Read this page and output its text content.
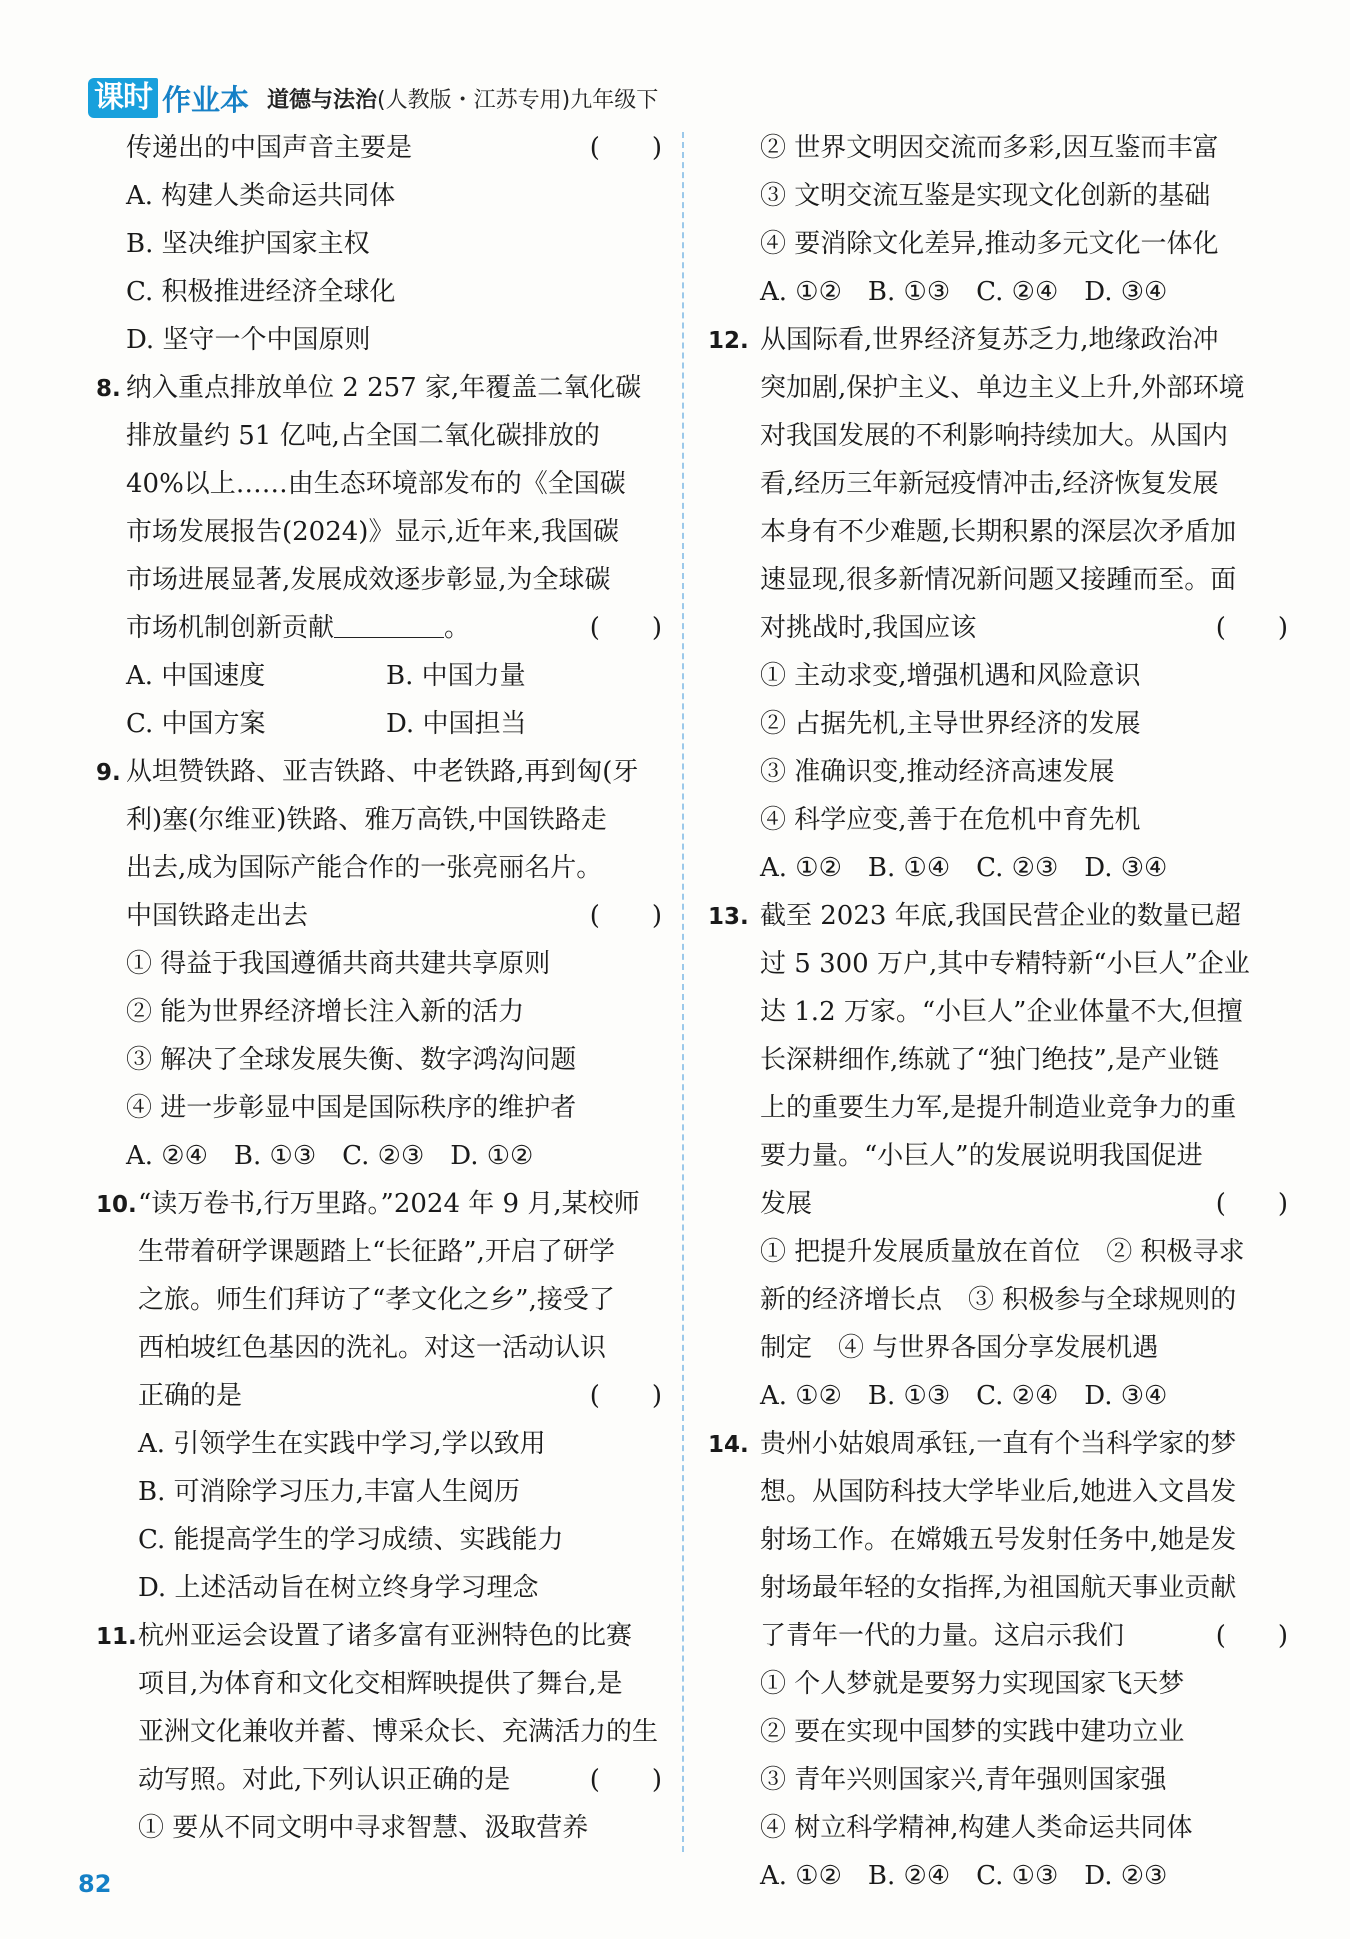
课时 作业本 道德与法治(人教版・江苏专用)九年级下
传递出的中国声音主要是	(　　)
A. 构建人类命运共同体
B. 坚决维护国家主权
C. 积极推进经济全球化
D. 坚守一个中国原则
8. 纳入重点排放单位 2 257 家,年覆盖二氧化碳
排放量约 51 亿吨,占全国二氧化碳排放的
40%以上……由生态环境部发布的《全国碳
市场发展报告(2024)》显示,近年来,我国碳
市场进展显著,发展成效逐步彰显,为全球碳
市场机制创新贡献	。	(　　)
A. 中国速度	B. 中国力量
C. 中国方案	D. 中国担当
9. 从坦赞铁路、亚吉铁路、中老铁路,再到匈(牙
利)塞(尔维亚)铁路、雅万高铁,中国铁路走
出去,成为国际产能合作的一张亮丽名片。
中国铁路走出去	(　　)
① 得益于我国遵循共商共建共享原则
② 能为世界经济增长注入新的活力
③ 解决了全球发展失衡、数字鸿沟问题
④ 进一步彰显中国是国际秩序的维护者
A. ②④　B. ①③　C. ②③　D. ①②
10.“读万卷书,行万里路。”2024 年 9 月,某校师
生带着研学课题踏上“长征路”,开启了研学
之旅。师生们拜访了“孝文化之乡”,接受了
西柏坡红色基因的洗礼。对这一活动认识
正确的是	(　　)
A. 引领学生在实践中学习,学以致用
B. 可消除学习压力,丰富人生阅历
C. 能提高学生的学习成绩、实践能力
D. 上述活动旨在树立终身学习理念
11.杭州亚运会设置了诸多富有亚洲特色的比赛
项目,为体育和文化交相辉映提供了舞台,是
亚洲文化兼收并蓄、博采众长、充满活力的生
动写照。对此,下列认识正确的是	(　　)
① 要从不同文明中寻求智慧、汲取营养
② 世界文明因交流而多彩,因互鉴而丰富
③ 文明交流互鉴是实现文化创新的基础
④ 要消除文化差异,推动多元文化一体化
A. ①②　B. ①③　C. ②④　D. ③④
12. 从国际看,世界经济复苏乏力,地缘政治冲
突加剧,保护主义、单边主义上升,外部环境
对我国发展的不利影响持续加大。从国内
看,经历三年新冠疫情冲击,经济恢复发展
本身有不少难题,长期积累的深层次矛盾加
速显现,很多新情况新问题又接踵而至。面
对挑战时,我国应该	(　　)
① 主动求变,增强机遇和风险意识
② 占据先机,主导世界经济的发展
③ 准确识变,推动经济高速发展
④ 科学应变,善于在危机中育先机
A. ①②　B. ①④　C. ②③　D. ③④
13. 截至 2023 年底,我国民营企业的数量已超
过 5 300 万户,其中专精特新“小巨人”企业
达 1.2 万家。“小巨人”企业体量不大,但擅
长深耕细作,练就了“独门绝技”,是产业链
上的重要生力军,是提升制造业竞争力的重
要力量。“小巨人”的发展说明我国促进
发展	(　　)
① 把提升发展质量放在首位　② 积极寻求
新的经济增长点　③ 积极参与全球规则的
制定　④ 与世界各国分享发展机遇
A. ①②　B. ①③　C. ②④　D. ③④
14. 贵州小姑娘周承钰,一直有个当科学家的梦
想。从国防科技大学毕业后,她进入文昌发
射场工作。在嫦娥五号发射任务中,她是发
射场最年轻的女指挥,为祖国航天事业贡献
了青年一代的力量。这启示我们	(　　)
① 个人梦就是要努力实现国家飞天梦
② 要在实现中国梦的实践中建功立业
③ 青年兴则国家兴,青年强则国家强
④ 树立科学精神,构建人类命运共同体
A. ①②　B. ②④　C. ①③　D. ②③
82
